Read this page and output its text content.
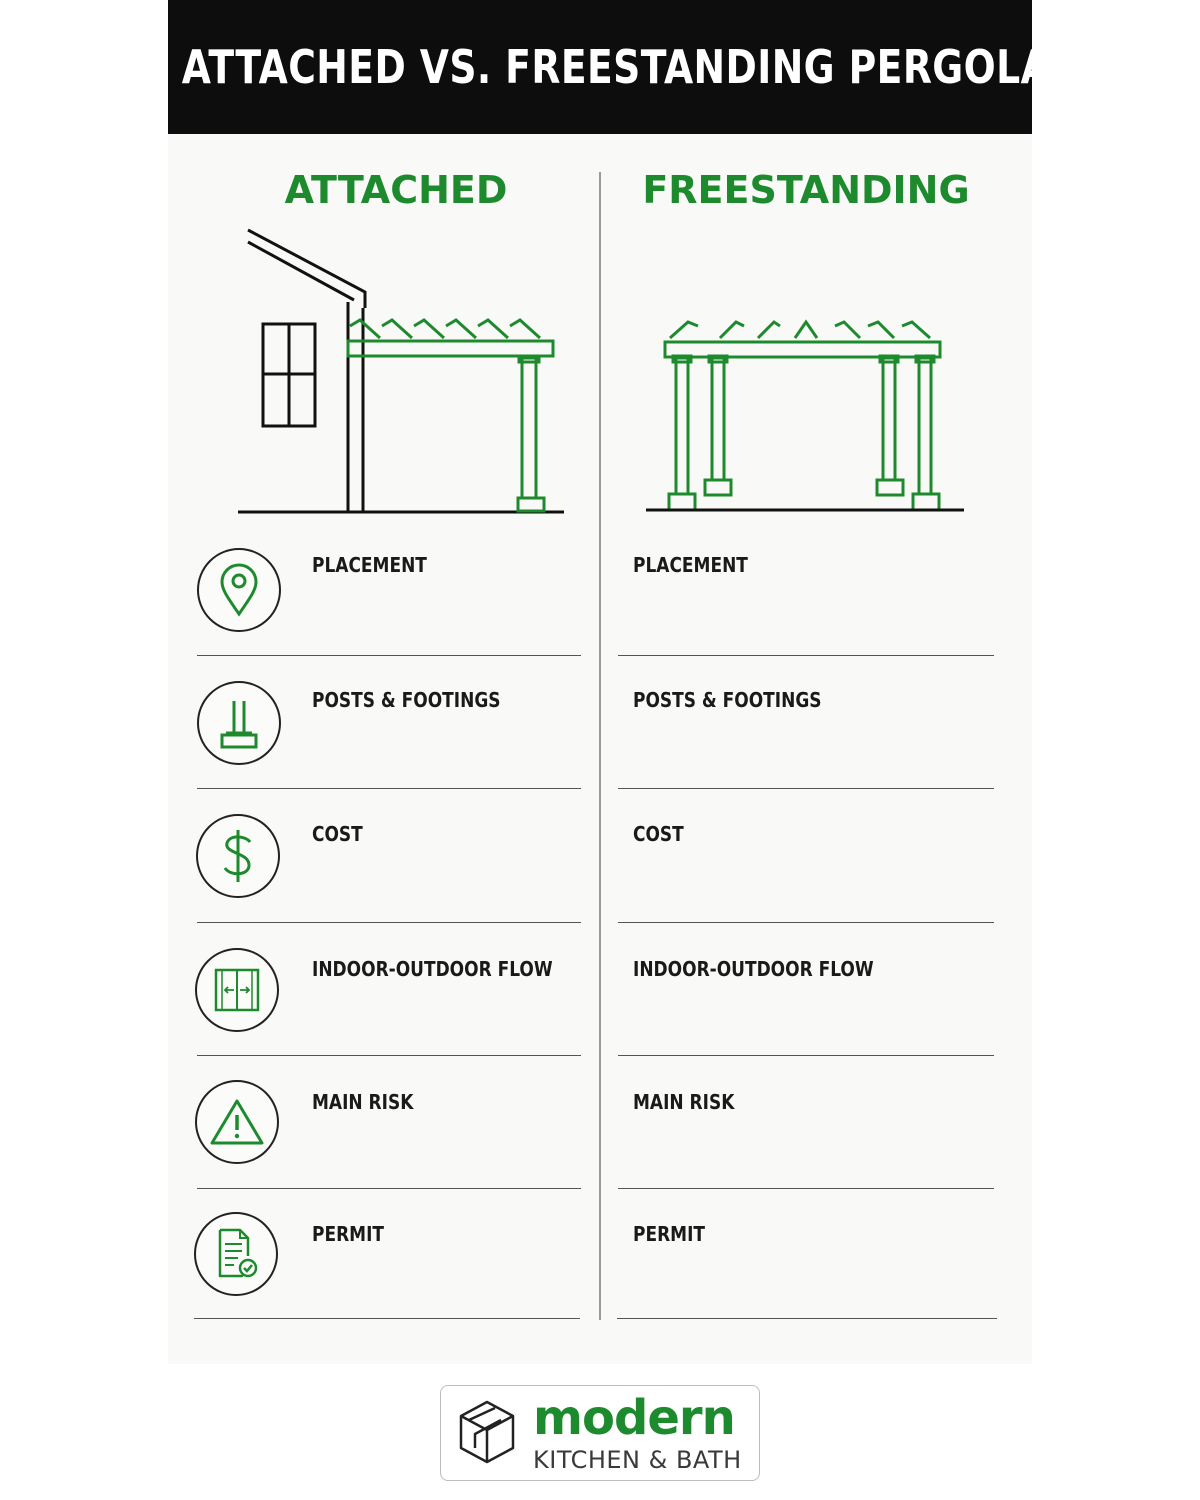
ATTACHED VS. FREESTANDING PERGOLA
ATTACHED	FREESTANDING
PLACEMENT	PLACEMENT
POSTS & FOOTINGS	POSTS & FOOTINGS
COST	COST
INDOOR-OUTDOOR FLOW	INDOOR-OUTDOOR FLOW
MAIN RISK	MAIN RISK
PERMIT	PERMIT
modern
KITCHEN & BATH
